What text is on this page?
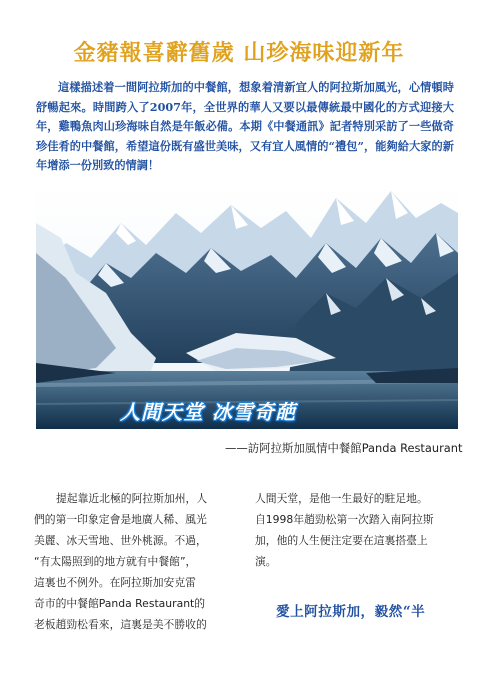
金豬報喜辭舊歲 山珍海味迎新年
這樣描述着一間阿拉斯加的中餐館，想象着清新宜人的阿拉斯加風光，心情頓時舒暢起來。時間跨入了2007年，全世界的華人又要以最傳統最中國化的方式迎接大年，雞鴨魚肉山珍海味自然是年飯必備。本期《中餐通訊》記者特別采訪了一些做奇珍佳肴的中餐館，希望這份既有盛世美味，又有宜人風情的“禮包”，能夠給大家的新年增添一份別致的情調！
人間天堂 冰雪奇葩
——訪阿拉斯加風情中餐館Panda Restaurant

提起靠近北極的阿拉斯加州，人

們的第一印象定會是地廣人稀、風光

美麗、冰天雪地、世外桃源。不過，

“有太陽照到的地方就有中餐館”，

這裏也不例外。在阿拉斯加安克雷

奇市的中餐館Panda Restaurant的

老板趙勁松看來，這裏是美不勝收的

人間天堂，是他一生最好的駐足地。

自1998年趙勁松第一次踏入南阿拉斯

加，他的人生便注定要在這裏搭臺上

演。

愛上阿拉斯加，毅然“半
